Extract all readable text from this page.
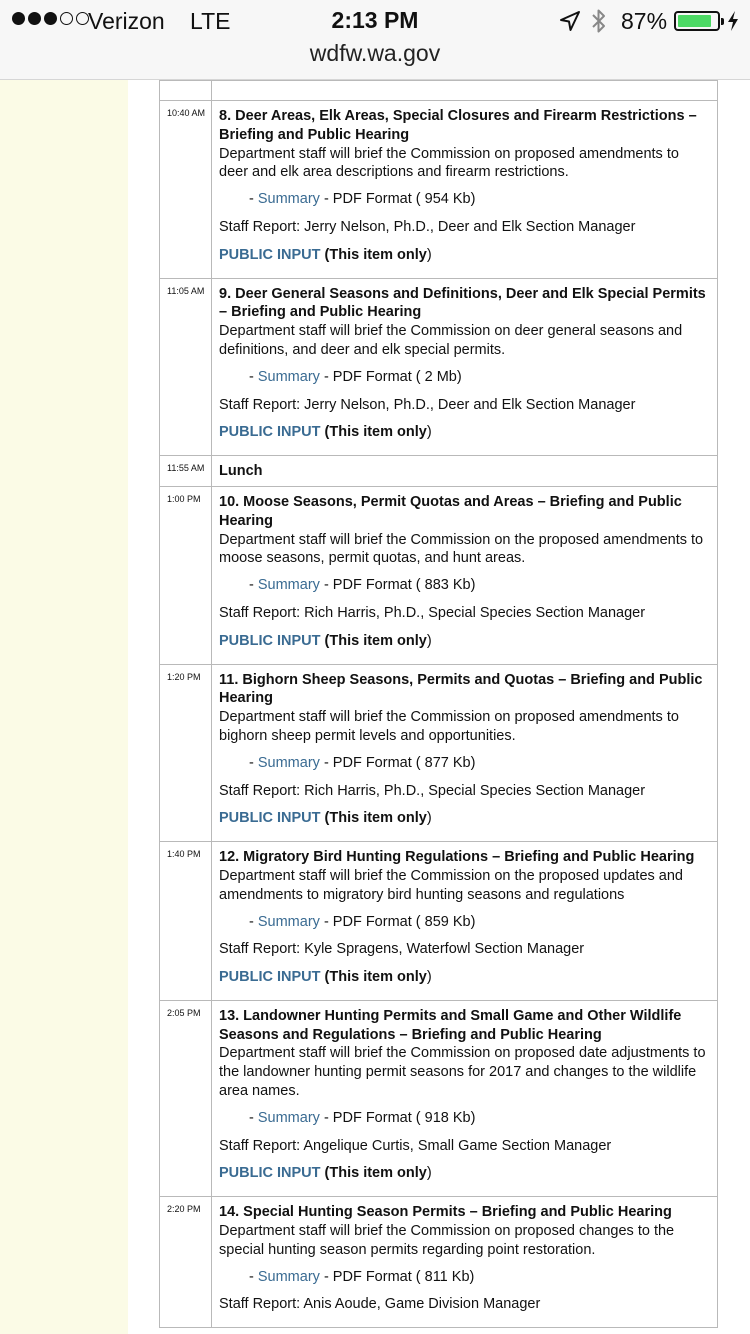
Verizon LTE	2:13 PM	87%
wdfw.wa.gov

10:40 AM	8. Deer Areas, Elk Areas, Special Closures and Firearm Restrictions – Briefing and Public Hearing
Department staff will brief the Commission on proposed amendments to deer and elk area descriptions and firearm restrictions.
- Summary - PDF Format ( 954 Kb)
Staff Report: Jerry Nelson, Ph.D., Deer and Elk Section Manager
PUBLIC INPUT (This item only)

11:05 AM	9. Deer General Seasons and Definitions, Deer and Elk Special Permits – Briefing and Public Hearing
Department staff will brief the Commission on deer general seasons and definitions, and deer and elk special permits.
- Summary - PDF Format ( 2 Mb)
Staff Report: Jerry Nelson, Ph.D., Deer and Elk Section Manager
PUBLIC INPUT (This item only)

11:55 AM	Lunch

1:00 PM	10. Moose Seasons, Permit Quotas and Areas – Briefing and Public Hearing
Department staff will brief the Commission on the proposed amendments to moose seasons, permit quotas, and hunt areas.
- Summary - PDF Format ( 883 Kb)
Staff Report: Rich Harris, Ph.D., Special Species Section Manager
PUBLIC INPUT (This item only)

1:20 PM	11. Bighorn Sheep Seasons, Permits and Quotas – Briefing and Public Hearing
Department staff will brief the Commission on proposed amendments to bighorn sheep permit levels and opportunities.
- Summary - PDF Format ( 877 Kb)
Staff Report: Rich Harris, Ph.D., Special Species Section Manager
PUBLIC INPUT (This item only)

1:40 PM	12. Migratory Bird Hunting Regulations – Briefing and Public Hearing
Department staff will brief the Commission on the proposed updates and amendments to migratory bird hunting seasons and regulations
- Summary - PDF Format ( 859 Kb)
Staff Report: Kyle Spragens, Waterfowl Section Manager
PUBLIC INPUT (This item only)

2:05 PM	13. Landowner Hunting Permits and Small Game and Other Wildlife Seasons and Regulations – Briefing and Public Hearing
Department staff will brief the Commission on proposed date adjustments to the landowner hunting permit seasons for 2017 and changes to the wildlife area names.
- Summary - PDF Format ( 918 Kb)
Staff Report: Angelique Curtis, Small Game Section Manager
PUBLIC INPUT (This item only)

2:20 PM	14. Special Hunting Season Permits – Briefing and Public Hearing
Department staff will brief the Commission on proposed changes to the special hunting season permits regarding point restoration.
- Summary - PDF Format ( 811 Kb)
Staff Report: Anis Aoude, Game Division Manager
